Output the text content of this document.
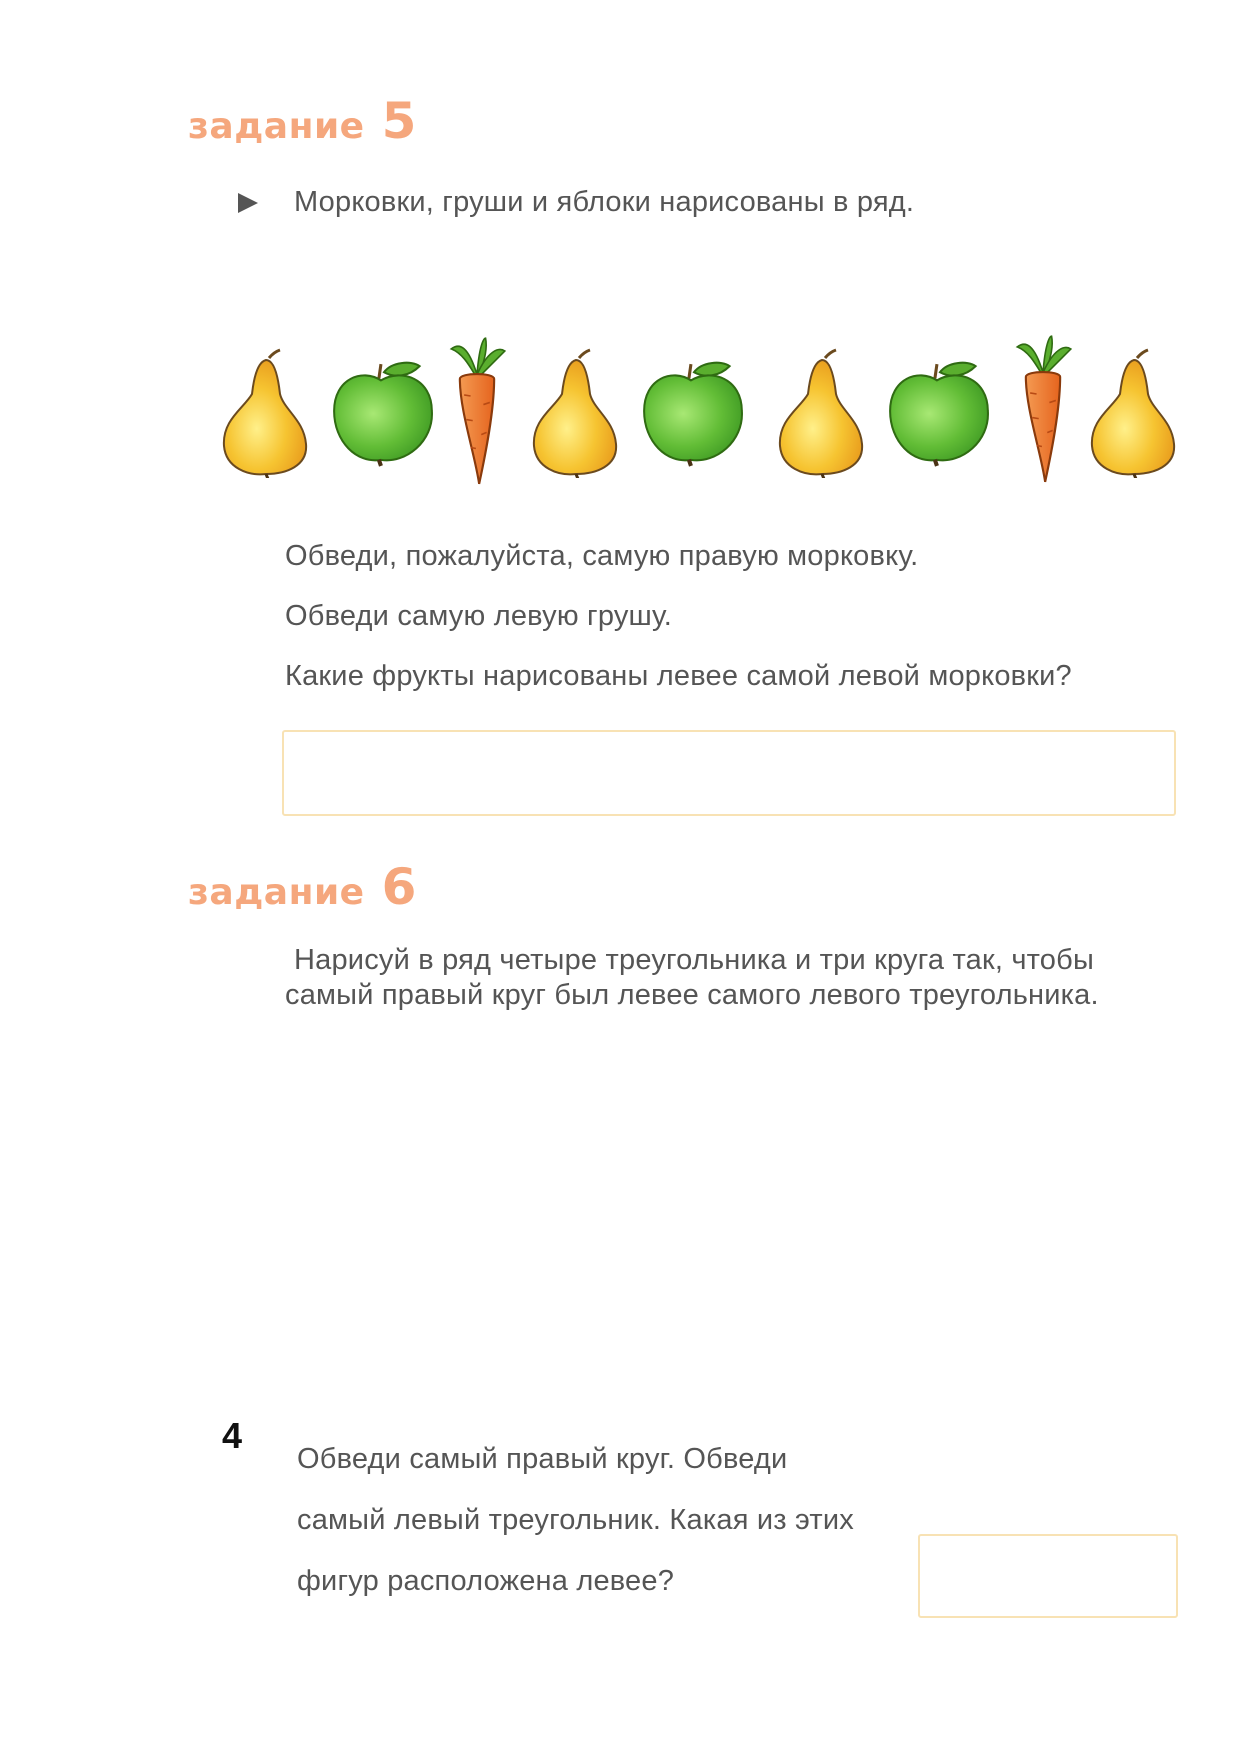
задание 5
Морковки, груши и яблоки нарисованы в ряд.
Обведи, пожалуйста, самую правую морковку.
Обведи самую левую грушу.
Какие фрукты нарисованы левее самой левой морковки?
задание 6
Нарисуй в ряд четыре треугольника и три круга так, чтобы
самый правый круг был левее самого левого треугольника.
4
Обведи самый правый круг. Обведи
самый левый треугольник. Какая из этих
фигур расположена левее?
